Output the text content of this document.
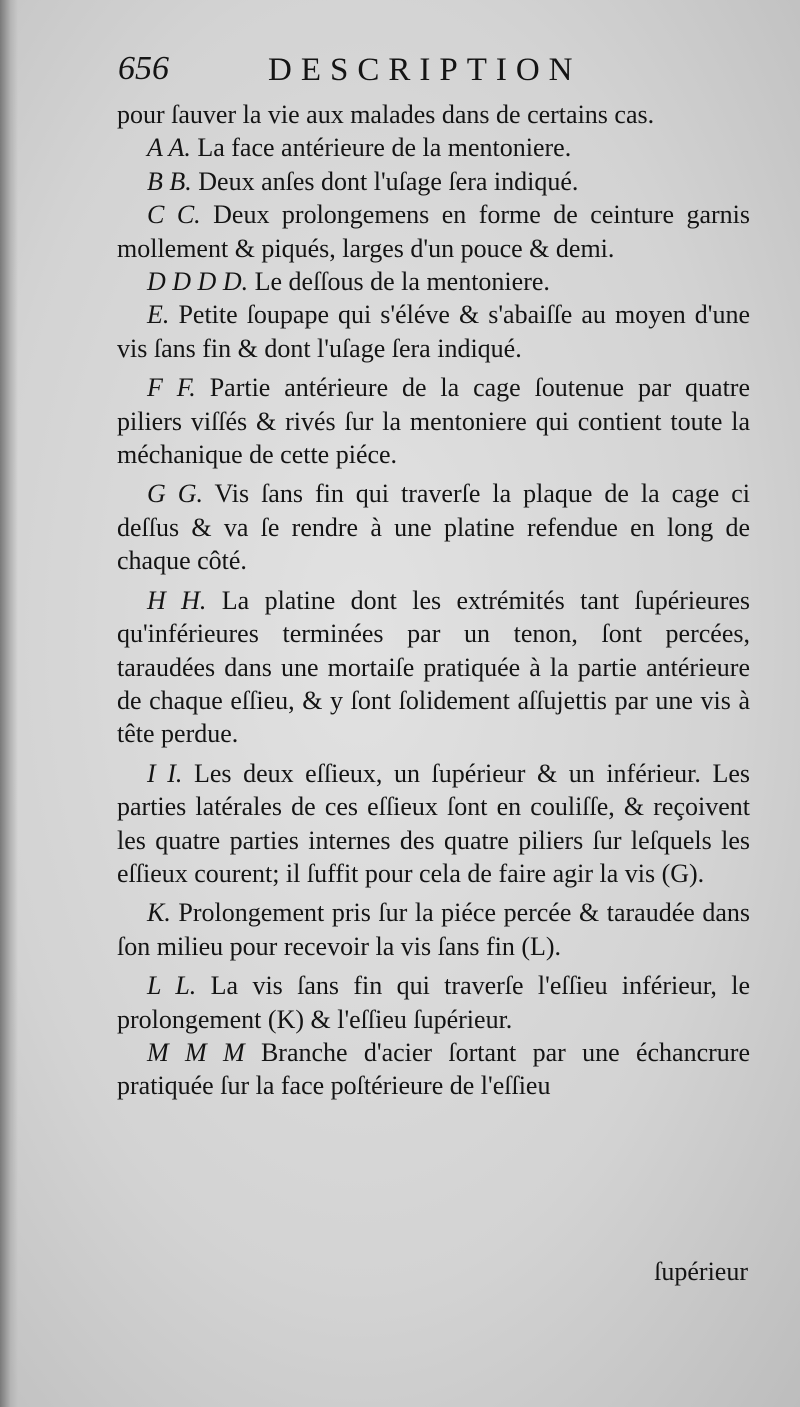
656	DESCRIPTION

pour ſauver la vie aux malades dans de certains cas.

A A. La face antérieure de la mentoniere.

B B. Deux anſes dont l'uſage ſera indiqué.

C C. Deux prolongemens en forme de ceinture garnis mollement & piqués, larges d'un pouce & demi.

D D D D. Le deſſous de la mentoniere.

E. Petite ſoupape qui s'éléve & s'abaiſſe au moyen d'une vis ſans fin & dont l'uſage ſera indiqué.

F F. Partie antérieure de la cage ſoutenue par quatre piliers viſſés & rivés ſur la mentoniere qui contient toute la méchanique de cette piéce.

G G. Vis ſans fin qui traverſe la plaque de la cage ci deſſus & va ſe rendre à une platine refendue en long de chaque côté.

H H. La platine dont les extrémités tant ſupérieures qu'inférieures terminées par un tenon, ſont percées, taraudées dans une mortaiſe pratiquée à la partie antérieure de chaque eſſieu, & y ſont ſolidement aſſujettis par une vis à tête perdue.

I I. Les deux eſſieux, un ſupérieur & un inférieur. Les parties latérales de ces eſſieux ſont en couliſſe, & reçoivent les quatre parties internes des quatre piliers ſur leſquels les eſſieux courent; il ſuffit pour cela de faire agir la vis (G).

K. Prolongement pris ſur la piéce percée & taraudée dans ſon milieu pour recevoir la vis ſans fin (L).

L L. La vis ſans fin qui traverſe l'eſſieu inférieur, le prolongement (K) & l'eſſieu ſupérieur.

M M M Branche d'acier ſortant par une échancrure pratiquée ſur la face poſtérieure de l'eſſieu

ſupérieur
